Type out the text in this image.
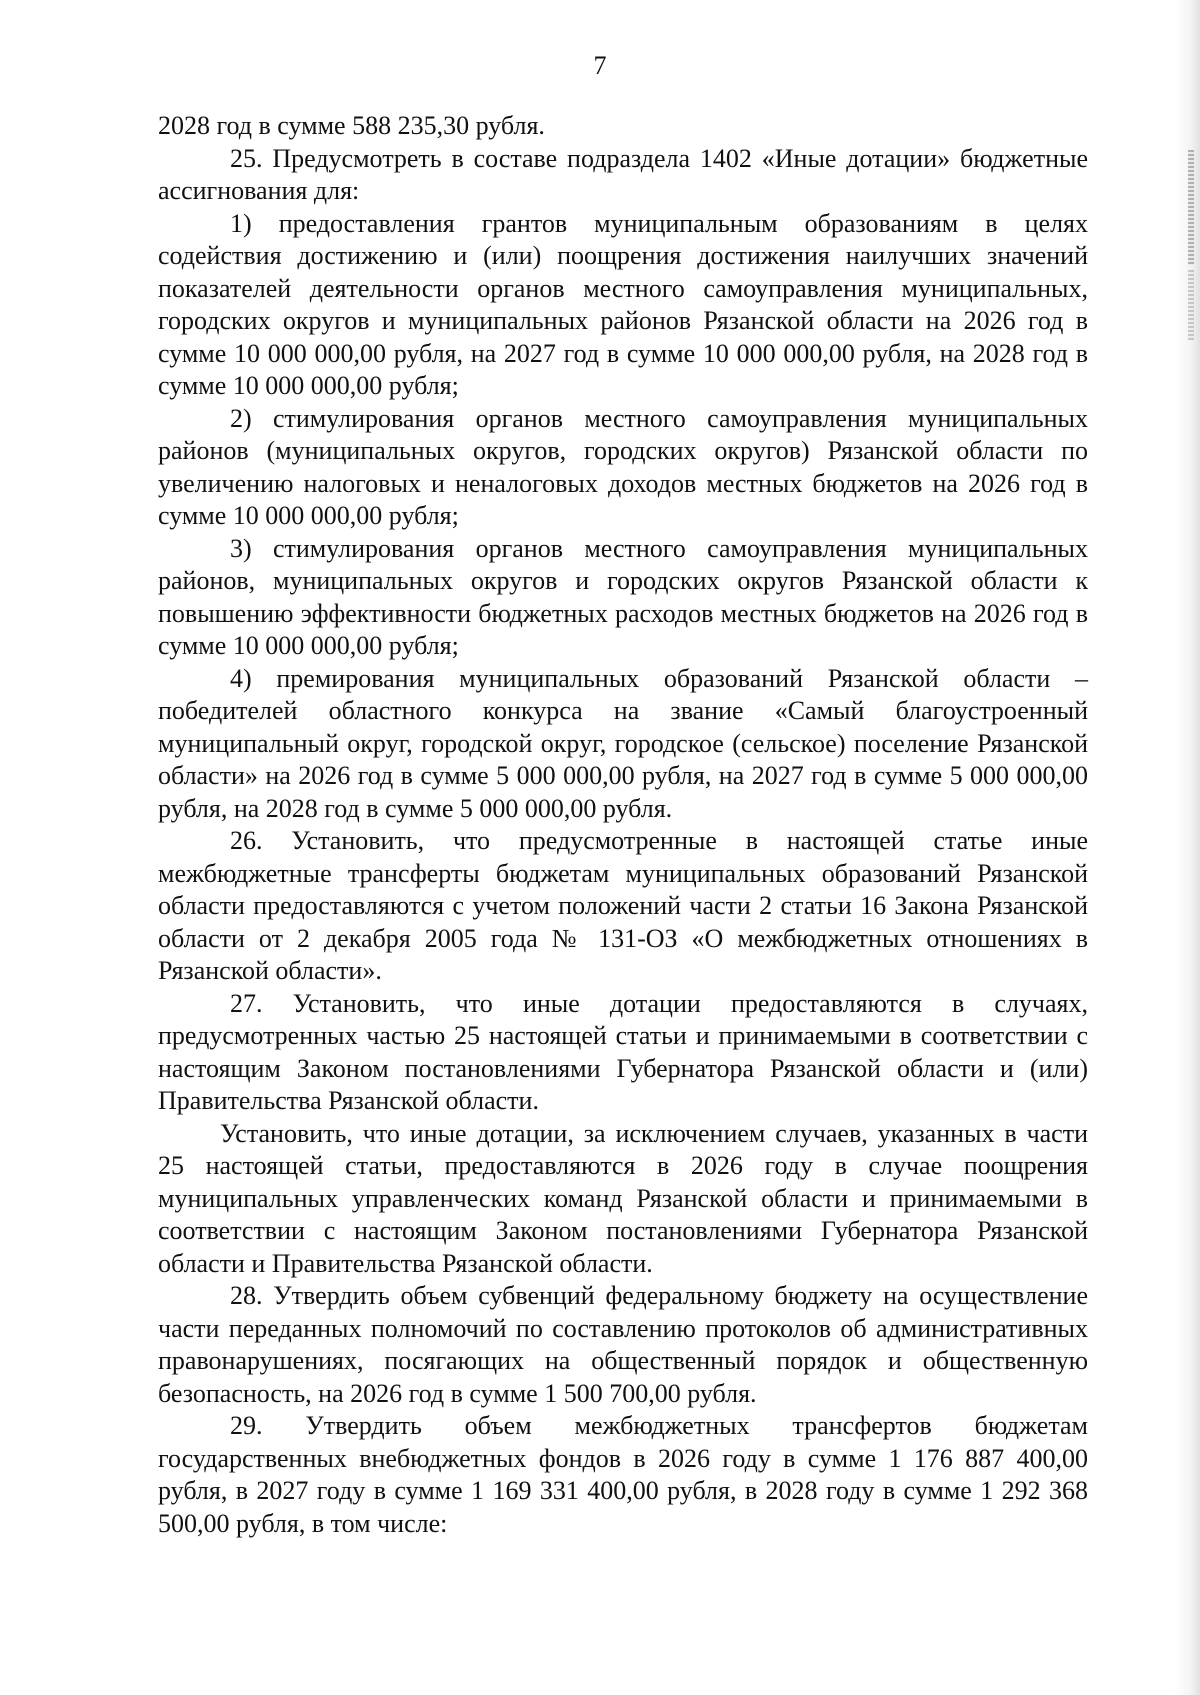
7

2028 год в сумме 588 235,30 рубля.

25. Предусмотреть в составе подраздела 1402 «Иные дотации» бюджетные ассигнования для:

1) предоставления грантов муниципальным образованиям в целях содействия достижению и (или) поощрения достижения наилучших значений показателей деятельности органов местного самоуправления муниципальных, городских округов и муниципальных районов Рязанской области на 2026 год в сумме 10 000 000,00 рубля, на 2027 год в сумме 10 000 000,00 рубля, на 2028 год в сумме 10 000 000,00 рубля;

2) стимулирования органов местного самоуправления муниципальных районов (муниципальных округов, городских округов) Рязанской области по увеличению налоговых и неналоговых доходов местных бюджетов на 2026 год в сумме 10 000 000,00 рубля;

3) стимулирования органов местного самоуправления муниципальных районов, муниципальных округов и городских округов Рязанской области к повышению эффективности бюджетных расходов местных бюджетов на 2026 год в сумме 10 000 000,00 рубля;

4) премирования муниципальных образований Рязанской области – победителей областного конкурса на звание «Самый благоустроенный муниципальный округ, городской округ, городское (сельское) поселение Рязанской области» на 2026 год в сумме 5 000 000,00 рубля, на 2027 год в сумме 5 000 000,00 рубля, на 2028 год в сумме 5 000 000,00 рубля.

26. Установить, что предусмотренные в настоящей статье иные межбюджетные трансферты бюджетам муниципальных образований Рязанской области предоставляются с учетом положений части 2 статьи 16 Закона Рязанской области от 2 декабря 2005 года № 131-ОЗ «О межбюджетных отношениях в Рязанской области».

27. Установить, что иные дотации предоставляются в случаях, предусмотренных частью 25 настоящей статьи и принимаемыми в соответствии с настоящим Законом постановлениями Губернатора Рязанской области и (или) Правительства Рязанской области.

Установить, что иные дотации, за исключением случаев, указанных в части 25 настоящей статьи, предоставляются в 2026 году в случае поощрения муниципальных управленческих команд Рязанской области и принимаемыми в соответствии с настоящим Законом постановлениями Губернатора Рязанской области и Правительства Рязанской области.

28. Утвердить объем субвенций федеральному бюджету на осуществление части переданных полномочий по составлению протоколов об административных правонарушениях, посягающих на общественный порядок и общественную безопасность, на 2026 год в сумме 1 500 700,00 рубля.

29. Утвердить объем межбюджетных трансфертов бюджетам государственных внебюджетных фондов в 2026 году в сумме 1 176 887 400,00 рубля, в 2027 году в сумме 1 169 331 400,00 рубля, в 2028 году в сумме 1 292 368 500,00 рубля, в том числе:
